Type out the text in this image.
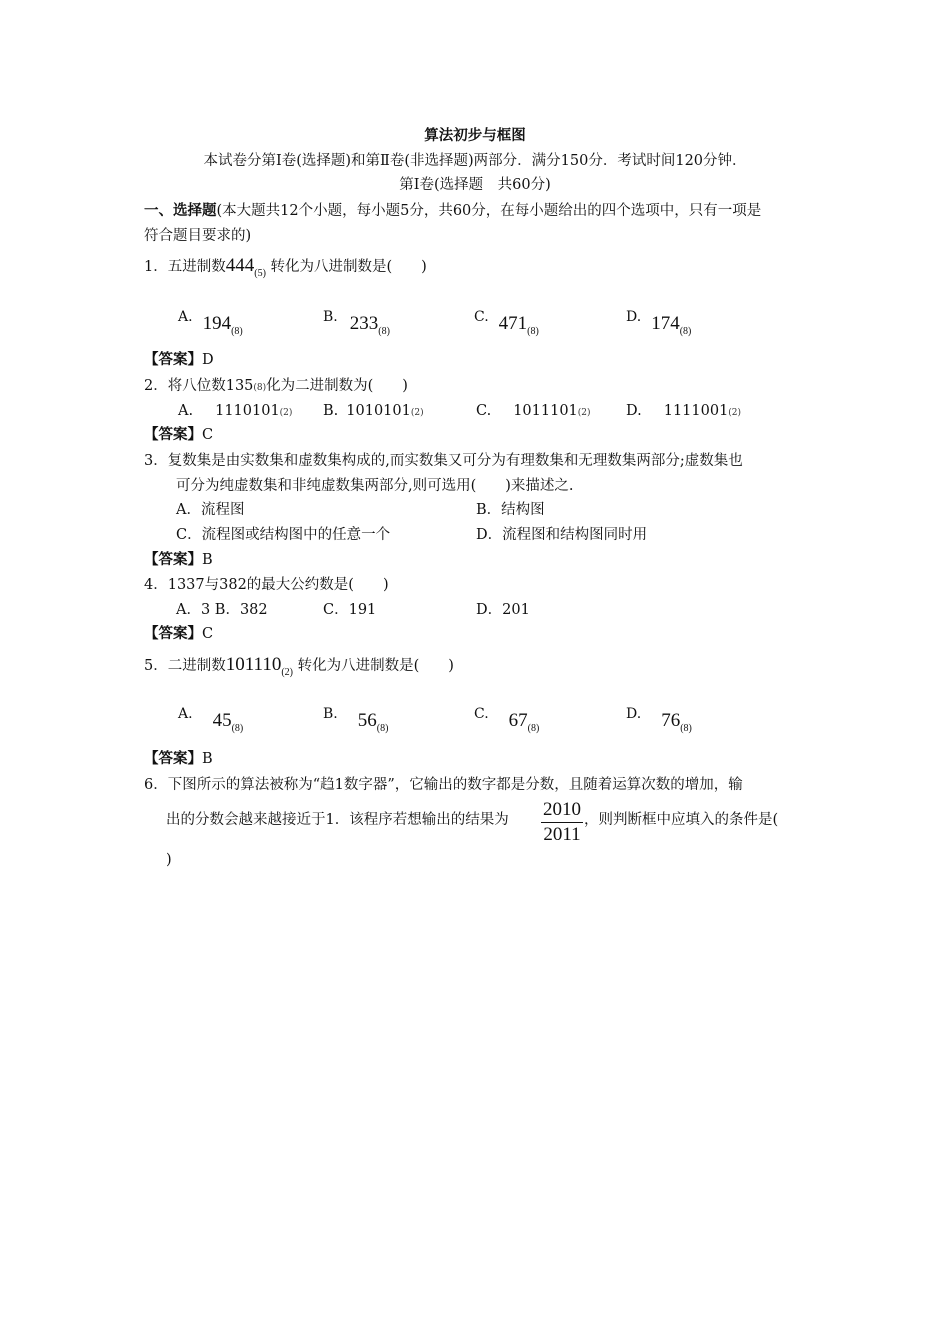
算法初步与框图
本试卷分第Ⅰ卷(选择题)和第Ⅱ卷(非选择题)两部分．满分150分．考试时间120分钟．
第Ⅰ卷(选择题　共60分)
一、选择题(本大题共12个小题，每小题5分，共60分，在每小题给出的四个选项中，只有一项是
符合题目要求的)
1．五进制数$444_{(5)}$ 转化为八进制数是(　　)
A. $194_{(8)}$
B. $233_{(8)}$
C. $471_{(8)}$
D. $174_{(8)}$
【答案】D
2．将八位数135(8)化为二进制数为(　　)
A. 1110101(2) B. 1010101(2)	C. 1011101(2) D. 1111001(2)
【答案】C
3．复数集是由实数集和虚数集构成的,而实数集又可分为有理数集和无理数集两部分;虚数集也
可分为纯虚数集和非纯虚数集两部分,则可选用(　　)来描述之.
A．流程图	B．结构图
C．流程图或结构图中的任意一个	D．流程图和结构图同时用
【答案】B
4．1337与382的最大公约数是(　　)
A．3 B．382	C．191	D．201
【答案】C
5．二进制数$101110_{(2)}$ 转化为八进制数是(　　)
A. $45_{(8)}$
B. $56_{(8)}$
C. $67_{(8)}$
D. $76_{(8)}$
【答案】B
6．下图所示的算法被称为“趋1数字器”，它输出的数字都是分数，且随着运算次数的增加，输
出的分数会越来越接近于1．该程序若想输出的结果为 2010
2011
，则判断框中应填入的条件是(
)
